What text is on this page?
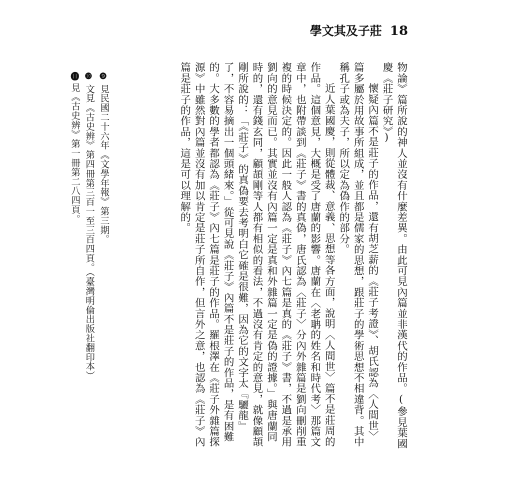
學文其及子莊 18

物論》篇所說的神人並沒有什麼差異。由此可見內篇並非漢代的作品。(參見葉國慶《莊子研究》)

懷疑內篇不是莊子的作品，還有胡芝薪的《莊子考證》、胡氏認為〈人間世〉篇多屬於用故事所組成，並且都是儒家的思想，跟莊子的學術思想不相違背。其中稱孔子或為夫子，所以定為偽作的部分。

近人葉國慶，則從體裁、意義、思想等各方面，說明〈人間世〉篇不是莊周的作品。這個意見，大概是受了唐蘭的影響。唐蘭在〈老聃的姓名和時代考〉那篇文章中，也附帶談到《莊子》書的真偽，唐氏認為〈莊子〉分內外雜篇是劉向刪削重複的時候決定的。因此一般人認為《莊子》內七篇是真的《莊子》書，不過是承用劉向的意見而已。其實並沒有內篇一定是真和外雜篇一定是偽的證據。」與唐蘭同時的，還有錢玄同，顧頡剛等人都有相似的看法，不過沒有肯定的意見，就像顧頡剛所說的：「《莊子》的真偽要去考明白它確是很難，因為它的文字太『驪龍』了，不容易摘出一個頭緒來。」從可見說《莊子》內篇不是莊子的作品，是有困難的。大多數的學者都認為《莊子》內七篇是莊子的作品。羅根澤在《莊子外雜篇探源》中雖然對內篇並沒有加以肯定是莊子所自作，但言外之意，也認為《莊子》內篇是莊子的作品，這是可以理解的。

❾見民國二十六年《文學年報》第三期。
❿文見《古史辨》第四冊第三百一至三百四頁。（臺灣明倫出版社翻印本）
⓫見《古史辨》第一冊第二八四頁。
